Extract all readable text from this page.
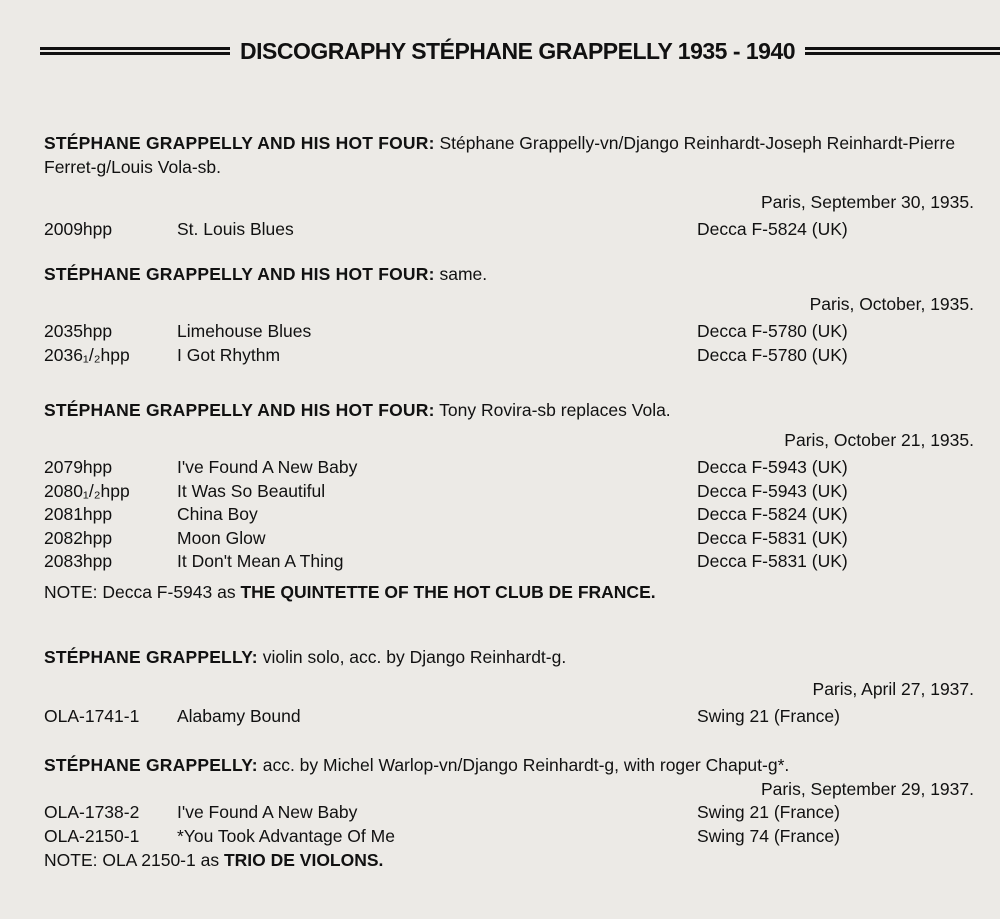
DISCOGRAPHY STÉPHANE GRAPPELLY 1935 - 1940
STÉPHANE GRAPPELLY AND HIS HOT FOUR: Stéphane Grappelly-vn/Django Reinhardt-Joseph Reinhardt-Pierre Ferret-g/Louis Vola-sb.
Paris, September 30, 1935.
2009hpp	St. Louis Blues	Decca F-5824 (UK)
STÉPHANE GRAPPELLY AND HIS HOT FOUR: same.
Paris, October, 1935.
2035hpp	Limehouse Blues	Decca F-5780 (UK)
2036₁/₂hpp	I Got Rhythm	Decca F-5780 (UK)
STÉPHANE GRAPPELLY AND HIS HOT FOUR: Tony Rovira-sb replaces Vola.
Paris, October 21, 1935.
2079hpp	I've Found A New Baby	Decca F-5943 (UK)
2080₁/₂hpp	It Was So Beautiful	Decca F-5943 (UK)
2081hpp	China Boy	Decca F-5824 (UK)
2082hpp	Moon Glow	Decca F-5831 (UK)
2083hpp	It Don't Mean A Thing	Decca F-5831 (UK)
NOTE: Decca F-5943 as THE QUINTETTE OF THE HOT CLUB DE FRANCE.
STÉPHANE GRAPPELLY: violin solo, acc. by Django Reinhardt-g.
Paris, April 27, 1937.
OLA-1741-1 Alabamy Bound	Swing 21 (France)
STÉPHANE GRAPPELLY: acc. by Michel Warlop-vn/Django Reinhardt-g, with roger Chaput-g*.
Paris, September 29, 1937.
OLA-1738-2 I've Found A New Baby	Swing 21 (France)
OLA-2150-1 *You Took Advantage Of Me	Swing 74 (France)
NOTE: OLA 2150-1 as TRIO DE VIOLONS.
